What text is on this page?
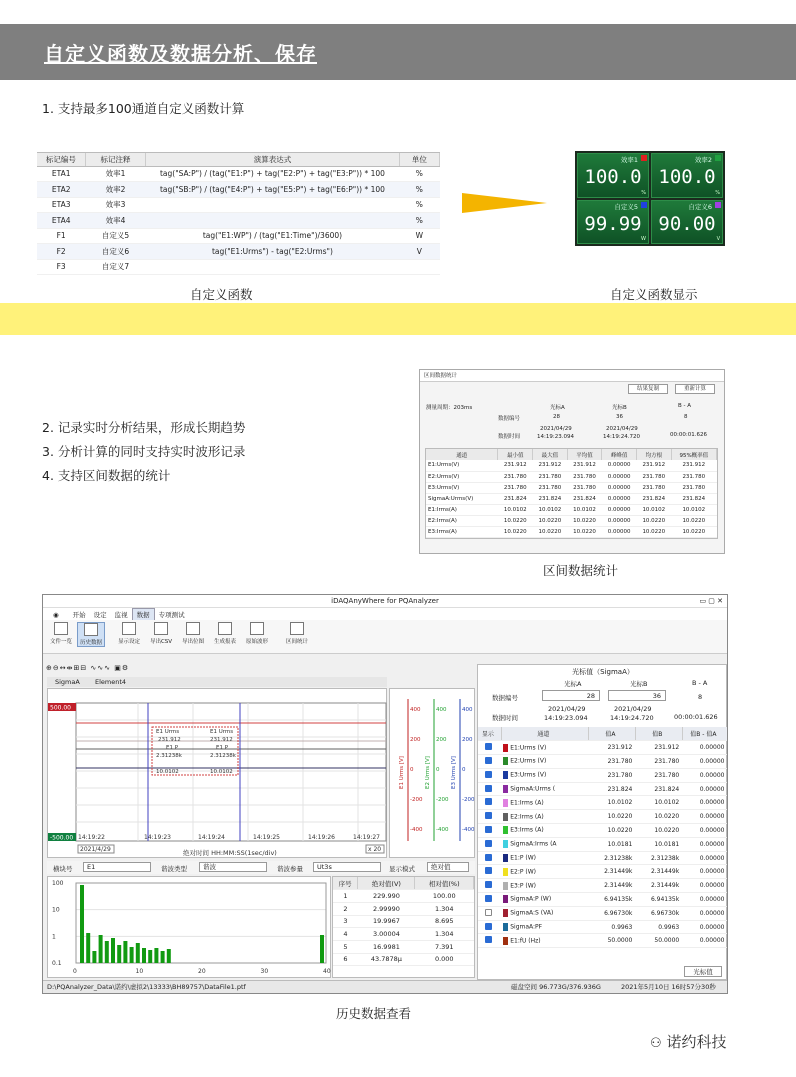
自定义函数及数据分析、保存
1. 支持最多100通道自定义函数计算
标记编号	标记注释	演算表达式	单位
ETA1	效率1	tag("SA:P") / (tag("E1:P") + tag("E2:P") + tag("E3:P")) * 100	%
ETA2	效率2	tag("SB:P") / (tag("E4:P") + tag("E5:P") + tag("E6:P")) * 100	%
ETA3	效率3		%
ETA4	效率4		%
F1	自定义5	tag("E1:WP") / (tag("E1:Time")/3600)	W
F2	自定义6	tag("E1:Urms") - tag("E2:Urms")	V
F3	自定义7		
效率1
100.0
%
效率2
100.0
%
自定义5
99.99
W
自定义6
90.00
V
自定义函数	自定义函数显示
2. 记录实时分析结果，形成长期趋势
3. 分析计算的同时支持实时波形记录
4. 支持区间数据的统计
区间数据统计
结果复制	重新计算
测量周期：203ms	光标A	光标B	B - A
数据编号	28	36	8
数据时间
2021/04/29
14:19:23.094
2021/04/29
14:19:24.720	00:00:01.626
通道	最小值	最大值	平均值	峰峰值	均方根	95%概率值
E1:Urms(V)	231.912	231.912	231.912	0.00000	231.912	231.912
E2:Urms(V)	231.780	231.780	231.780	0.00000	231.780	231.780
E3:Urms(V)	231.780	231.780	231.780	0.00000	231.780	231.780
SigmaA:Urms(V)	231.824	231.824	231.824	0.00000	231.824	231.824
E1:Irms(A)	10.0102	10.0102	10.0102	0.00000	10.0102	10.0102
E2:Irms(A)	10.0220	10.0220	10.0220	0.00000	10.0220	10.0220
E3:Irms(A)	10.0220	10.0220	10.0220	0.00000	10.0220	10.0220
区间数据统计
iDAQAnyWhere for PQAnalyzer	▭ ▢ ✕
◉ 开始 设定 监视 数据 专项测试
文件一览	历史数据	显示设定	导出CSV	导出位图	生成报表	原始波形	区间统计
⊕⊖↔⇹⊞⊟ ∿∿∿ ▣⚙
SigmaA Element4
500.00
-500.00
E1 Urms	E1 Urms
231.912	231.912
E1 P	E1 P
2.31238k	2.31238k
10.0102	10.0102
14:19:22	14:19:23	14:19:24	14:19:25	14:19:26	14:19:27
2021/4/29	绝对时间 HH:MM:SS(1sec/div)	x 20
400
200
0
-200
-400
400
200
0
-200
-400
400
200
0
-200
-400
E1 Urms [V]	E2 Urms [V]	E3 Urms [V]
横块号	E1	谐波类型	谐波	谐波参量	Ut3s	显示模式	绝对值
100
10
1
0.1
0	10	20	30	40
序号	绝对值(V)	相对值(%)
1	229.990	100.00
2	2.99990	1.304
3	19.9967	8.695
4	3.00004	1.304
5	16.9981	7.391
6	43.7878μ	0.000
光标值（SigmaA）
光标A	光标B	B - A
数据编号	28	36	8
数据时间
2021/04/29
14:19:23.094
2021/04/29
14:19:24.720	00:00:01.626
显示	通道	值A	值B	值B - 值A
	E1:Urms (V)	231.912	231.912	0.00000
	E2:Urms (V)	231.780	231.780	0.00000
	E3:Urms (V)	231.780	231.780	0.00000
	SigmaA:Urms (	231.824	231.824	0.00000
	E1:Irms (A)	10.0102	10.0102	0.00000
	E2:Irms (A)	10.0220	10.0220	0.00000
	E3:Irms (A)	10.0220	10.0220	0.00000
	SigmaA:Irms (A	10.0181	10.0181	0.00000
	E1:P (W)	2.31238k	2.31238k	0.00000
	E2:P (W)	2.31449k	2.31449k	0.00000
	E3:P (W)	2.31449k	2.31449k	0.00000
	SigmaA:P (W)	6.94135k	6.94135k	0.00000
	SigmaA:S (VA)	6.96730k	6.96730k	0.00000
	SigmaA:PF	0.9963	0.9963	0.00000
	E1:fU (Hz)	50.0000	50.0000	0.00000
光标值
D:\PQAnalyzer_Data\诺约\虚拟2\13333\BH89757\DataFile1.ptf	磁盘空间 96.773G/376.936G	2021年5月10日 16时57分30秒
历史数据查看
⚇ 诺约科技
